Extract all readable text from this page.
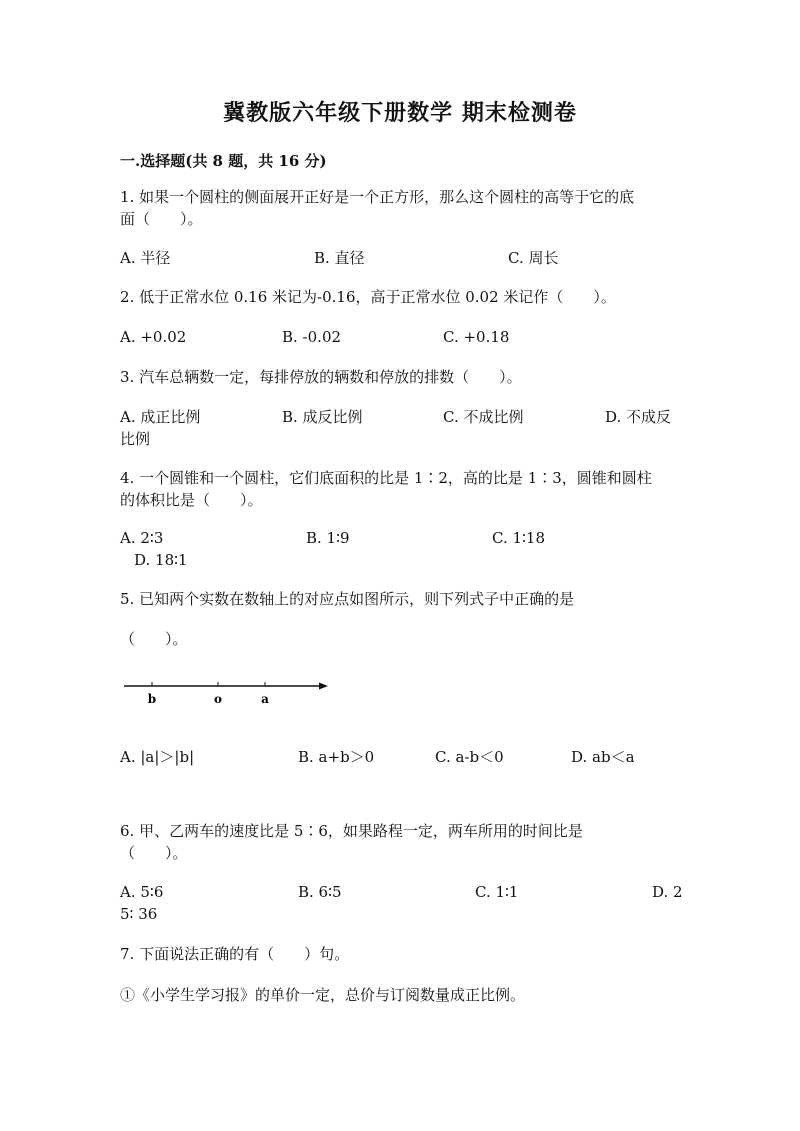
冀教版六年级下册数学 期末检测卷
一.选择题(共 8 题，共 16 分)
1. 如果一个圆柱的侧面展开正好是一个正方形，那么这个圆柱的高等于它的底
面（　　）。
A. 半径	B. 直径	C. 周长
2. 低于正常水位 0.16 米记为-0.16，高于正常水位 0.02 米记作（　　）。
A. +0.02	B. -0.02	C. +0.18
3. 汽车总辆数一定，每排停放的辆数和停放的排数（　　）。
A. 成正比例	B. 成反比例	C. 不成比例	D. 不成反
比例
4. 一个圆锥和一个圆柱，它们底面积的比是 1∶2，高的比是 1∶3，圆锥和圆柱
的体积比是（　　）。
A. 2∶3	B. 1∶9	C. 1∶18
D. 18∶1
5. 已知两个实数在数轴上的对应点如图所示，则下列式子中正确的是
（　　）。
b	o	a
A. |a|＞|b|	B. a+b＞0	C. a-b＜0	D. ab＜a
6. 甲、乙两车的速度比是 5∶6，如果路程一定，两车所用的时间比是
（　　）。
A. 5∶6	B. 6∶5	C. 1∶1	D. 2
5∶ 36
7. 下面说法正确的有（　　）句。
①《小学生学习报》的单价一定，总价与订阅数量成正比例。
